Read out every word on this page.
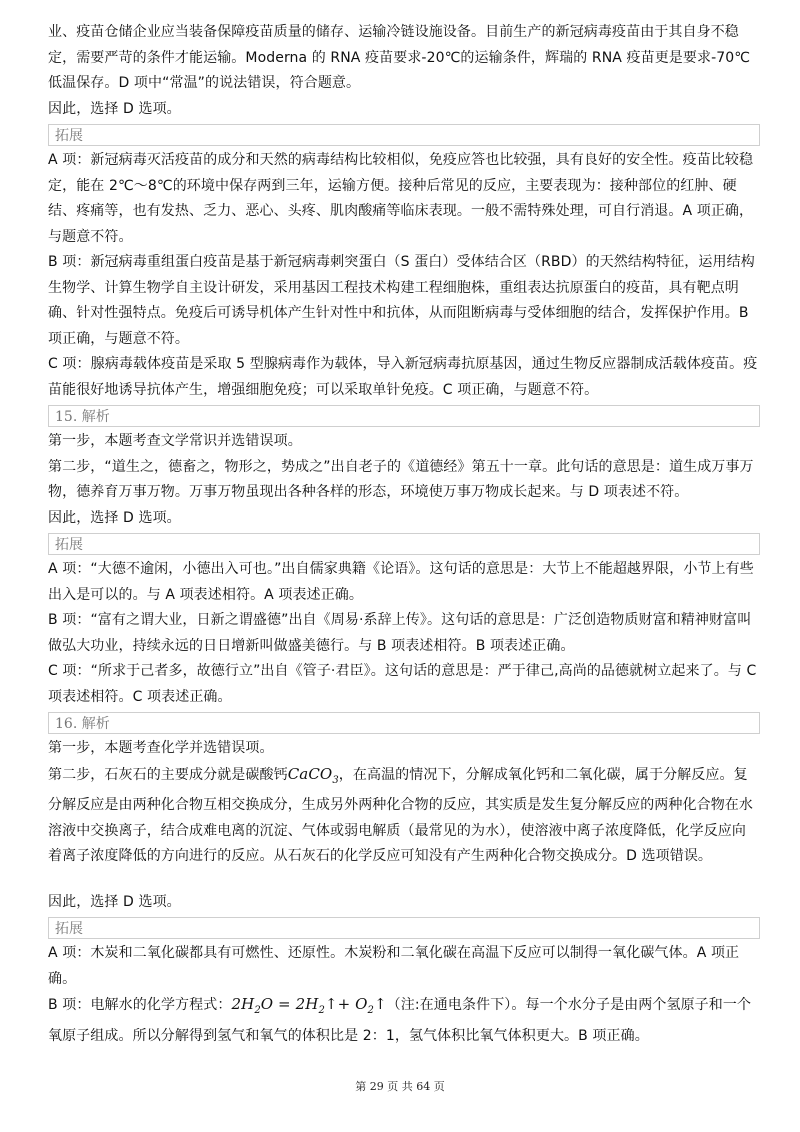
业、疫苗仓储企业应当装备保障疫苗质量的储存、运输冷链设施设备。目前生产的新冠病毒疫苗由于其自身不稳定，需要严苛的条件才能运输。Moderna 的 RNA 疫苗要求-20℃的运输条件，辉瑞的 RNA 疫苗更是要求-70℃低温保存。D 项中“常温”的说法错误，符合题意。

因此，选择 D 选项。

拓展

A 项：新冠病毒灭活疫苗的成分和天然的病毒结构比较相似，免疫应答也比较强，具有良好的安全性。疫苗比较稳定，能在 2℃～8℃的环境中保存两到三年，运输方便。接种后常见的反应，主要表现为：接种部位的红肿、硬结、疼痛等，也有发热、乏力、恶心、头疼、肌肉酸痛等临床表现。一般不需特殊处理，可自行消退。A 项正确，与题意不符。

B 项：新冠病毒重组蛋白疫苗是基于新冠病毒刺突蛋白（S 蛋白）受体结合区（RBD）的天然结构特征，运用结构生物学、计算生物学自主设计研发，采用基因工程技术构建工程细胞株，重组表达抗原蛋白的疫苗，具有靶点明确、针对性强特点。免疫后可诱导机体产生针对性中和抗体，从而阻断病毒与受体细胞的结合，发挥保护作用。B 项正确，与题意不符。

C 项：腺病毒载体疫苗是采取 5 型腺病毒作为载体，导入新冠病毒抗原基因，通过生物反应器制成活载体疫苗。疫苗能很好地诱导抗体产生，增强细胞免疫；可以采取单针免疫。C 项正确，与题意不符。

15. 解析

第一步，本题考查文学常识并选错误项。

第二步，“道生之，德畜之，物形之，势成之”出自老子的《道德经》第五十一章。此句话的意思是：道生成万事万物，德养育万事万物。万事万物虽现出各种各样的形态，环境使万事万物成长起来。与 D 项表述不符。

因此，选择 D 选项。

拓展

A 项：“大德不逾闲，小德出入可也。”出自儒家典籍《论语》。这句话的意思是：大节上不能超越界限，小节上有些出入是可以的。与 A 项表述相符。A 项表述正确。

B 项：“富有之谓大业，日新之谓盛德”出自《周易·系辞上传》。这句话的意思是：广泛创造物质财富和精神财富叫做弘大功业，持续永远的日日增新叫做盛美德行。与 B 项表述相符。B 项表述正确。

C 项：“所求于己者多，故德行立”出自《管子·君臣》。这句话的意思是：严于律己,高尚的品德就树立起来了。与 C 项表述相符。C 项表述正确。

16. 解析

第一步，本题考查化学并选错误项。

第二步，石灰石的主要成分就是碳酸钙CaCO$_3$，在高温的情况下，分解成氧化钙和二氧化碳，属于分解反应。复分解反应是由两种化合物互相交换成分，生成另外两种化合物的反应，其实质是发生复分解反应的两种化合物在水溶液中交换离子，结合成难电离的沉淀、气体或弱电解质（最常见的为水），使溶液中离子浓度降低，化学反应向着离子浓度降低的方向进行的反应。从石灰石的化学反应可知没有产生两种化合物交换成分。D 选项错误。

因此，选择 D 选项。

拓展

A 项：木炭和二氧化碳都具有可燃性、还原性。木炭粉和二氧化碳在高温下反应可以制得一氧化碳气体。A 项正确。

B 项：电解水的化学方程式：$2H_2O$ = $2H_2↑+$ $O_2↑$（注:在通电条件下）。每一个水分子是由两个氢原子和一个氧原子组成。所以分解得到氢气和氧气的体积比是 2：1，氢气体积比氧气体积更大。B 项正确。

第 29 页 共 64 页
